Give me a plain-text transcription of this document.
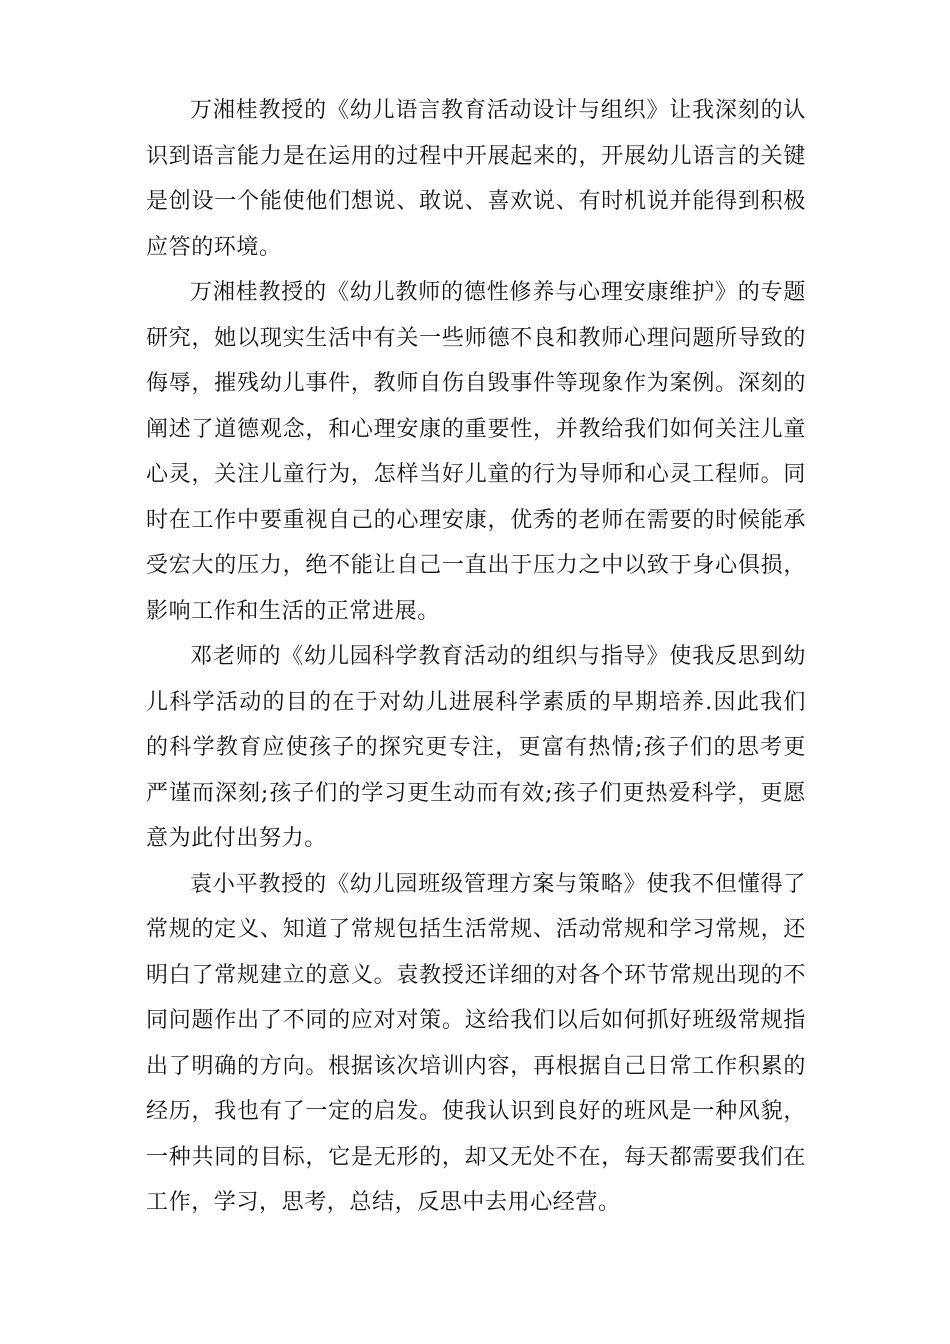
万湘桂教授的《幼儿语言教育活动设计与组织》让我深刻的认识到语言能力是在运用的过程中开展起来的，开展幼儿语言的关键是创设一个能使他们想说、敢说、喜欢说、有时机说并能得到积极应答的环境。

万湘桂教授的《幼儿教师的德性修养与心理安康维护》的专题研究，她以现实生活中有关一些师德不良和教师心理问题所导致的侮辱，摧残幼儿事件，教师自伤自毁事件等现象作为案例。深刻的阐述了道德观念，和心理安康的重要性，并教给我们如何关注儿童心灵，关注儿童行为，怎样当好儿童的行为导师和心灵工程师。同时在工作中要重视自己的心理安康，优秀的老师在需要的时候能承受宏大的压力，绝不能让自己一直出于压力之中以致于身心俱损，影响工作和生活的正常进展。

邓老师的《幼儿园科学教育活动的组织与指导》使我反思到幼儿科学活动的目的在于对幼儿进展科学素质的早期培养.因此我们的科学教育应使孩子的探究更专注，更富有热情;孩子们的思考更严谨而深刻;孩子们的学习更生动而有效;孩子们更热爱科学，更愿意为此付出努力。

袁小平教授的《幼儿园班级管理方案与策略》使我不但懂得了常规的定义、知道了常规包括生活常规、活动常规和学习常规，还明白了常规建立的意义。袁教授还详细的对各个环节常规出现的不同问题作出了不同的应对对策。这给我们以后如何抓好班级常规指出了明确的方向。根据该次培训内容，再根据自己日常工作积累的经历，我也有了一定的启发。使我认识到良好的班风是一种风貌，一种共同的目标，它是无形的，却又无处不在，每天都需要我们在工作，学习，思考，总结，反思中去用心经营。
